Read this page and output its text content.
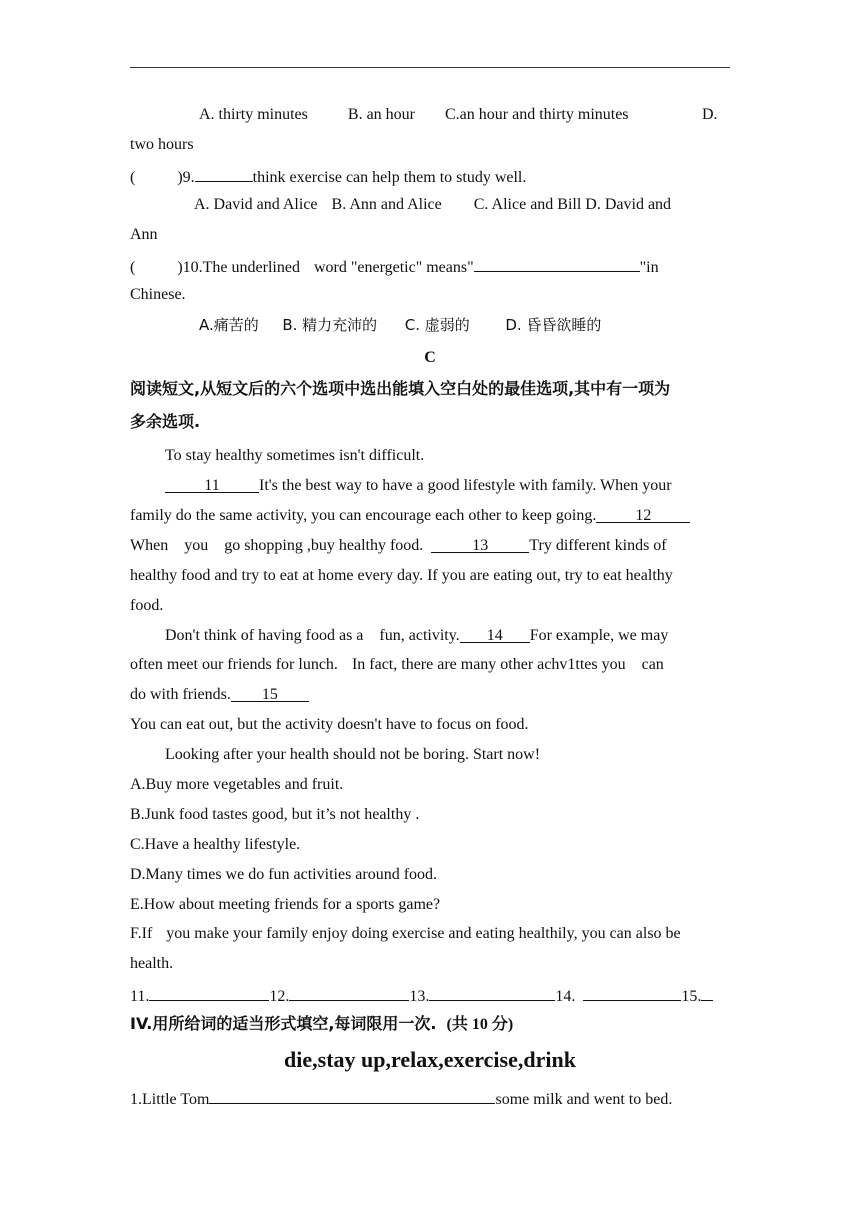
A. thirty minutes	B. an hour C.an hour and thirty minutes	D.
two hours
(	)9.	think exercise can help them to study well.
A. David and Alice B. Ann and Alice C. Alice and Bill D. David and
Ann
(	)10.The underlined word "energetic" means"	"in
Chinese.
A.痛苦的 B. 精力充沛的 C. 虚弱的 D. 昏昏欲睡的
C
阅读短文,从短文后的六个选项中选出能填入空白处的最佳选项,其中有一项为
多余选项.
To stay healthy sometimes isn't difficult.
11 It's the best way to have a good lifestyle with family. When your
family do the same activity, you can encourage each other to keep going. 12
When you go shopping ,buy healthy food.	13	Try different kinds of
healthy food and try to eat at home every day. If you are eating out, try to eat healthy
food.
Don't think of having food as a fun, activity. 14 For example, we may
often meet our friends for lunch. In fact, there are many other achv1ttes you can
do with friends. 15
You can eat out, but the activity doesn't have to focus on food.
Looking after your health should not be boring. Start now!
A.Buy more vegetables and fruit.
B.Junk food tastes good, but it’s not healthy .
C.Have a healthy lifestyle.
D.Many times we do fun activities around food.
E.How about meeting friends for a sports game?
F.If you make your family enjoy doing exercise and eating healthily, you can also be
health.
11.	12.	13.	14.	15.
IV.用所给词的适当形式填空,每词限用一次. (共 10 分)
die,stay up,relax,exercise,drink
1.Little Tom	some milk and went to bed.
